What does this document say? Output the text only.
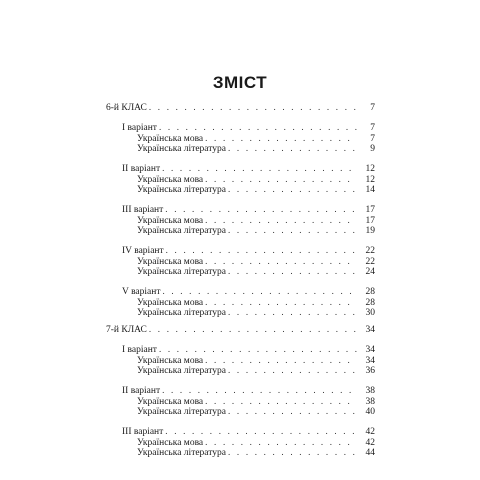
ЗМІСТ
6-й КЛАС . . .	7
І варіант . . .	7
Українська мова . . .	7
Українська література . . .	9
ІІ варіант . . .	12
Українська мова . . .	12
Українська література . . .	14
ІІІ варіант . . .	17
Українська мова . . .	17
Українська література . . .	19
IV варіант . . .	22
Українська мова . . .	22
Українська література . . .	24
V варіант . . .	28
Українська мова . . .	28
Українська література . . .	30
7-й КЛАС . . .	34
І варіант . . .	34
Українська мова . . .	34
Українська література . . .	36
ІІ варіант . . .	38
Українська мова . . .	38
Українська література . . .	40
ІІІ варіант . . .	42
Українська мова . . .	42
Українська література . . .	44
